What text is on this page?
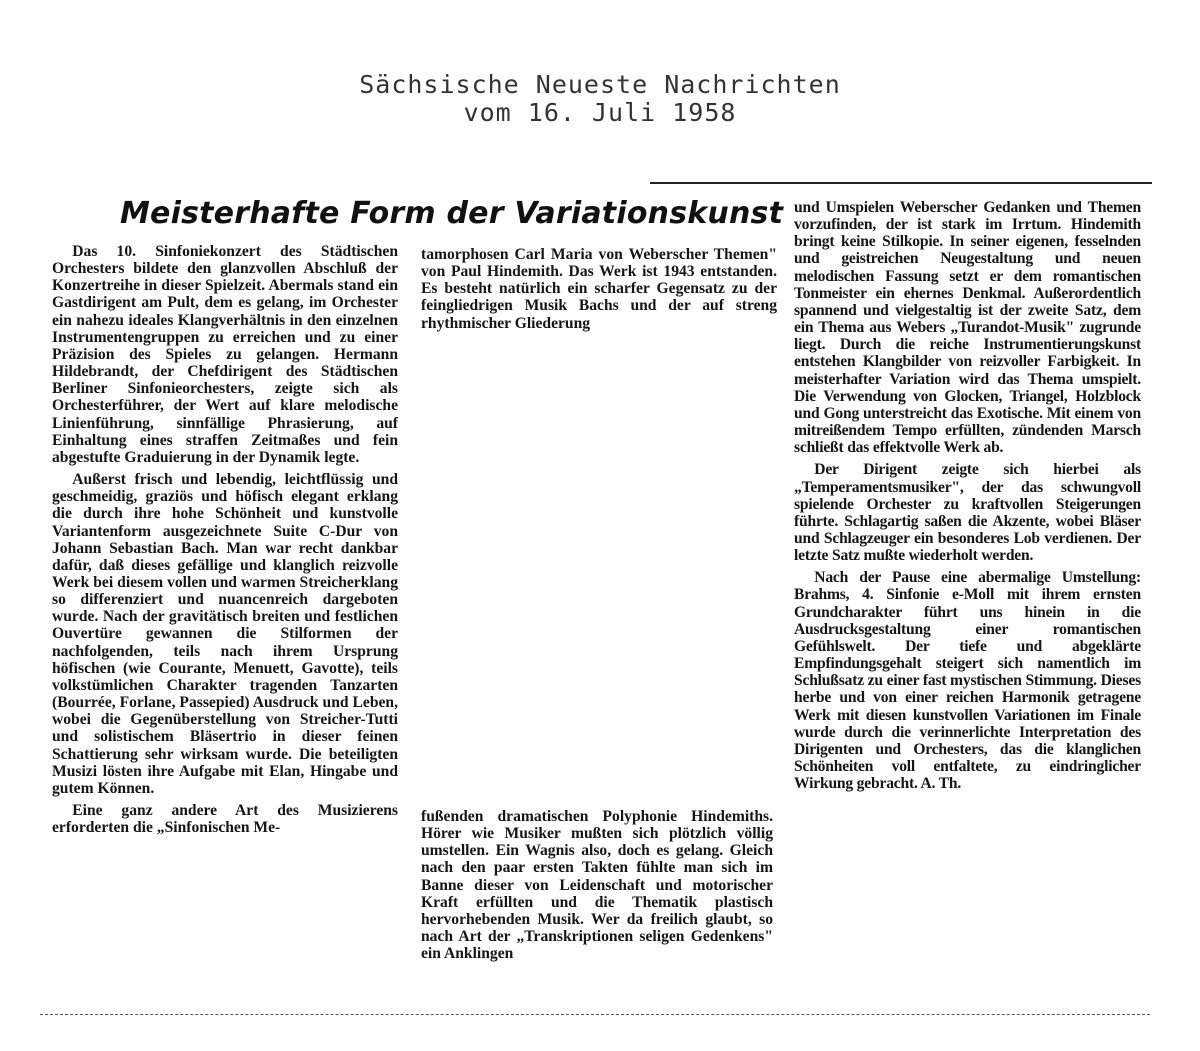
Sächsische Neueste Nachrichten
vom 16. Juli 1958
Meisterhafte Form der Variationskunst

Das 10. Sinfoniekonzert des Städtischen Orchesters bildete den glanzvollen Abschluß der Konzertreihe in dieser Spielzeit. Abermals stand ein Gastdirigent am Pult, dem es gelang, im Orchester ein nahezu ideales Klangverhältnis in den einzelnen Instrumentengruppen zu erreichen und zu einer Präzision des Spieles zu gelangen. Hermann Hildebrandt, der Chefdirigent des Städtischen Berliner Sinfonieorchesters, zeigte sich als Orchesterführer, der Wert auf klare melodische Linienführung, sinnfällige Phrasierung, auf Einhaltung eines straffen Zeitmaßes und fein abgestufte Graduierung in der Dynamik legte.

Außerst frisch und lebendig, leichtflüssig und geschmeidig, graziös und höfisch elegant erklang die durch ihre hohe Schönheit und kunstvolle Variantenform ausgezeichnete Suite C-Dur von Johann Sebastian Bach. Man war recht dankbar dafür, daß dieses gefällige und klanglich reizvolle Werk bei diesem vollen und warmen Streicherklang so differenziert und nuancenreich dargeboten wurde. Nach der gravitätisch breiten und festlichen Ouvertüre gewannen die Stilformen der nachfolgenden, teils nach ihrem Ursprung höfischen (wie Courante, Menuett, Gavotte), teils volkstümlichen Charakter tragenden Tanzarten (Bourrée, Forlane, Passepied) Ausdruck und Leben, wobei die Gegenüberstellung von Streicher-Tutti und solistischem Bläsertrio in dieser feinen Schattierung sehr wirksam wurde. Die beteiligten Musizi lösten ihre Aufgabe mit Elan, Hingabe und gutem Können.

Eine ganz andere Art des Musizierens erforderten die „Sinfonischen Me-

tamorphosen Carl Maria von Weberscher Themen" von Paul Hindemith. Das Werk ist 1943 entstanden. Es besteht natürlich ein scharfer Gegensatz zu der feingliedrigen Musik Bachs und der auf streng rhythmischer Gliederung

fußenden dramatischen Polyphonie Hindemiths. Hörer wie Musiker mußten sich plötzlich völlig umstellen. Ein Wagnis also, doch es gelang. Gleich nach den paar ersten Takten fühlte man sich im Banne dieser von Leidenschaft und motorischer Kraft erfüllten und die Thematik plastisch hervorhebenden Musik. Wer da freilich glaubt, so nach Art der „Transkriptionen seligen Gedenkens" ein Anklingen

und Umspielen Weberscher Gedanken und Themen vorzufinden, der ist stark im Irrtum. Hindemith bringt keine Stilkopie. In seiner eigenen, fesselnden und geistreichen Neugestaltung und neuen melodischen Fassung setzt er dem romantischen Tonmeister ein ehernes Denkmal. Außerordentlich spannend und vielgestaltig ist der zweite Satz, dem ein Thema aus Webers „Turandot-Musik" zugrunde liegt. Durch die reiche Instrumentierungskunst entstehen Klangbilder von reizvoller Farbigkeit. In meisterhafter Variation wird das Thema umspielt. Die Verwendung von Glocken, Triangel, Holzblock und Gong unterstreicht das Exotische. Mit einem von mitreißendem Tempo erfüllten, zündenden Marsch schließt das effektvolle Werk ab.

Der Dirigent zeigte sich hierbei als „Temperamentsmusiker", der das schwungvoll spielende Orchester zu kraftvollen Steigerungen führte. Schlagartig saßen die Akzente, wobei Bläser und Schlagzeuger ein besonderes Lob verdienen. Der letzte Satz mußte wiederholt werden.

Nach der Pause eine abermalige Umstellung: Brahms, 4. Sinfonie e-Moll mit ihrem ernsten Grundcharakter führt uns hinein in die Ausdrucksgestaltung einer romantischen Gefühlswelt. Der tiefe und abgeklärte Empfindungsgehalt steigert sich namentlich im Schlußsatz zu einer fast mystischen Stimmung. Dieses herbe und von einer reichen Harmonik getragene Werk mit diesen kunstvollen Variationen im Finale wurde durch die verinnerlichte Interpretation des Dirigenten und Orchesters, das die klanglichen Schönheiten voll entfaltete, zu eindringlicher Wirkung gebracht. A. Th.
